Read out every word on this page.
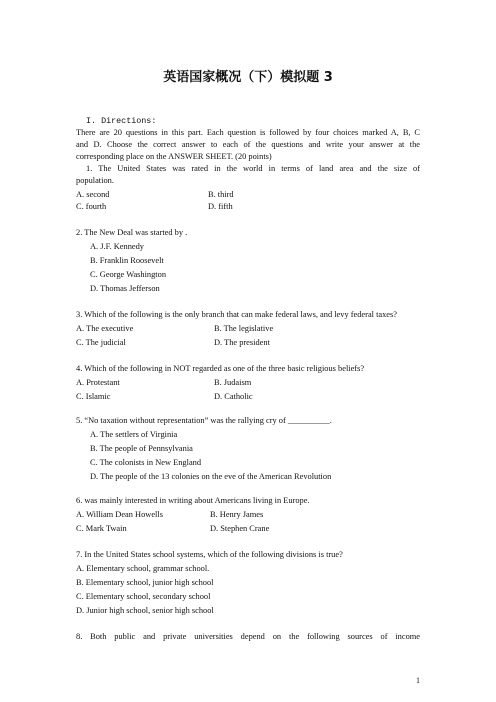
英语国家概况（下）模拟题 3
I. Directions:
There are 20 questions in this part. Each question is followed by four choices marked A, B, C
and D. Choose the correct answer to each of the questions and write your answer at the
corresponding place on the ANSWER SHEET. (20 points)
1. The United States was rated in the world in terms of land area and the size of
population.
A. second	B. third
C. fourth	D. fifth
2. The New Deal was started by .
A. J.F. Kennedy
B. Franklin Roosevelt
C. George Washington
D. Thomas Jefferson
3. Which of the following is the only branch that can make federal laws, and levy federal taxes?
A. The executive	B. The legislative
C. The judicial	D. The president
4. Which of the following in NOT regarded as one of the three basic religious beliefs?
A. Protestant	B. Judaism
C. Islamic	D. Catholic
5. “No taxation without representation” was the rallying cry of __________.
A. The settlers of Virginia
B. The people of Pennsylvania
C. The colonists in New England
D. The people of the 13 colonies on the eve of the American Revolution
6. was mainly interested in writing about Americans living in Europe.
A. William Dean Howells	B. Henry James
C. Mark Twain	D. Stephen Crane
7. In the United States school systems, which of the following divisions is true?
A. Elementary school, grammar school.
B. Elementary school, junior high school
C. Elementary school, secondary school
D. Junior high school, senior high school
8. Both public and private universities depend on the following sources of income
1
